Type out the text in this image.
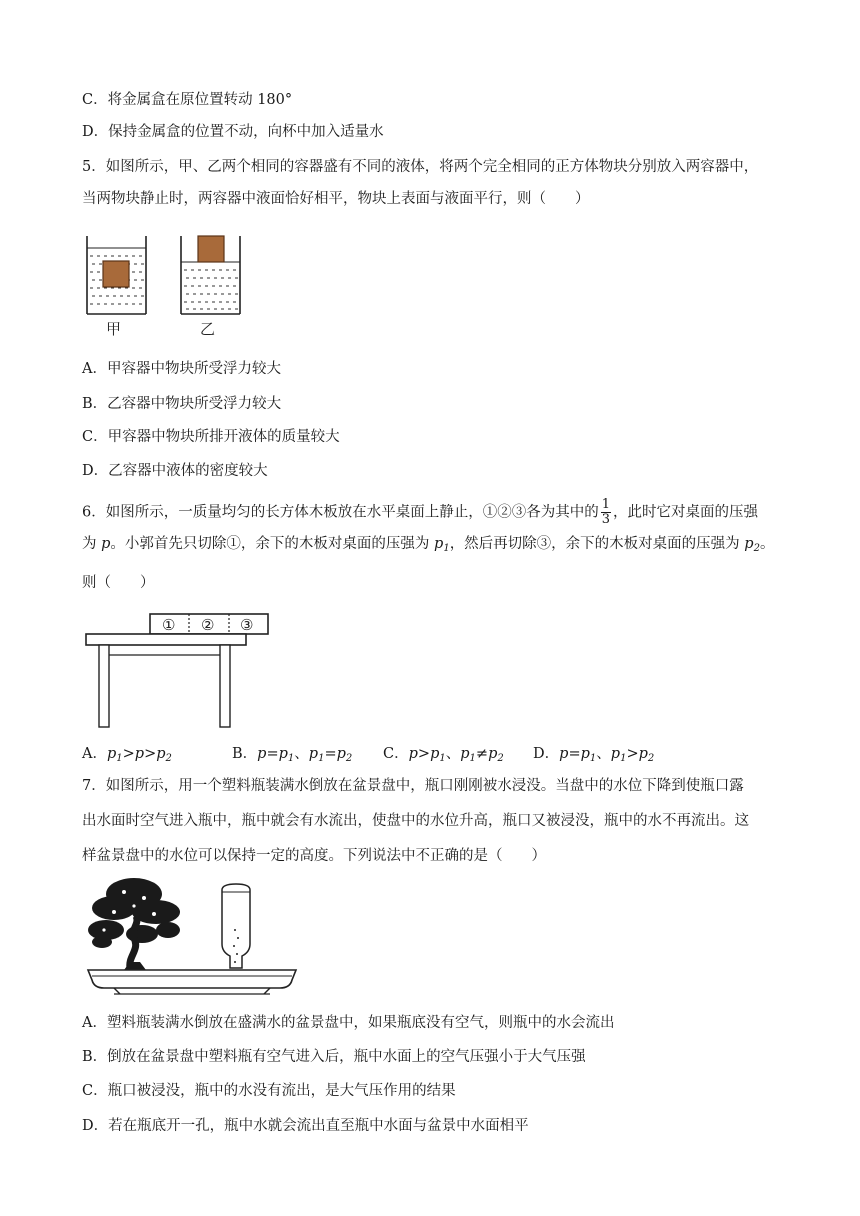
C．将金属盒在原位置转动 180°
D．保持金属盒的位置不动，向杯中加入适量水
5．如图所示，甲、乙两个相同的容器盛有不同的液体，将两个完全相同的正方体物块分别放入两容器中，
当两物块静止时，两容器中液面恰好相平，物块上表面与液面平行，则（　　）
甲	乙
A．甲容器中物块所受浮力较大
B．乙容器中物块所受浮力较大
C．甲容器中物块所排开液体的质量较大
D．乙容器中液体的密度较大
6．如图所示，一质量均匀的长方体木板放在水平桌面上静止，①②③各为其中的 $\frac{1}{3}$ ，此时它对桌面的压强
为 p。小郭首先只切除①，余下的木板对桌面的压强为 $p_1$，然后再切除③，余下的木板对桌面的压强为 $p_2$。
则（　　）
① ② ③
A．$p_1>p>p_2$	B．$p=p_1$、$p_1=p_2$ C．$p>p_1$、$p_1\ne p_2$ D．$p=p_1$、$p_1>p_2$
7．如图所示，用一个塑料瓶装满水倒放在盆景盘中，瓶口刚刚被水浸没。当盘中的水位下降到使瓶口露
出水面时空气进入瓶中，瓶中就会有水流出，使盘中的水位升高，瓶口又被浸没，瓶中的水不再流出。这
样盆景盘中的水位可以保持一定的高度。下列说法中不正确的是（　　）
A．塑料瓶装满水倒放在盛满水的盆景盘中，如果瓶底没有空气，则瓶中的水会流出
B．倒放在盆景盘中塑料瓶有空气进入后，瓶中水面上的空气压强小于大气压强
C．瓶口被浸没，瓶中的水没有流出，是大气压作用的结果
D．若在瓶底开一孔，瓶中水就会流出直至瓶中水面与盆景中水面相平
